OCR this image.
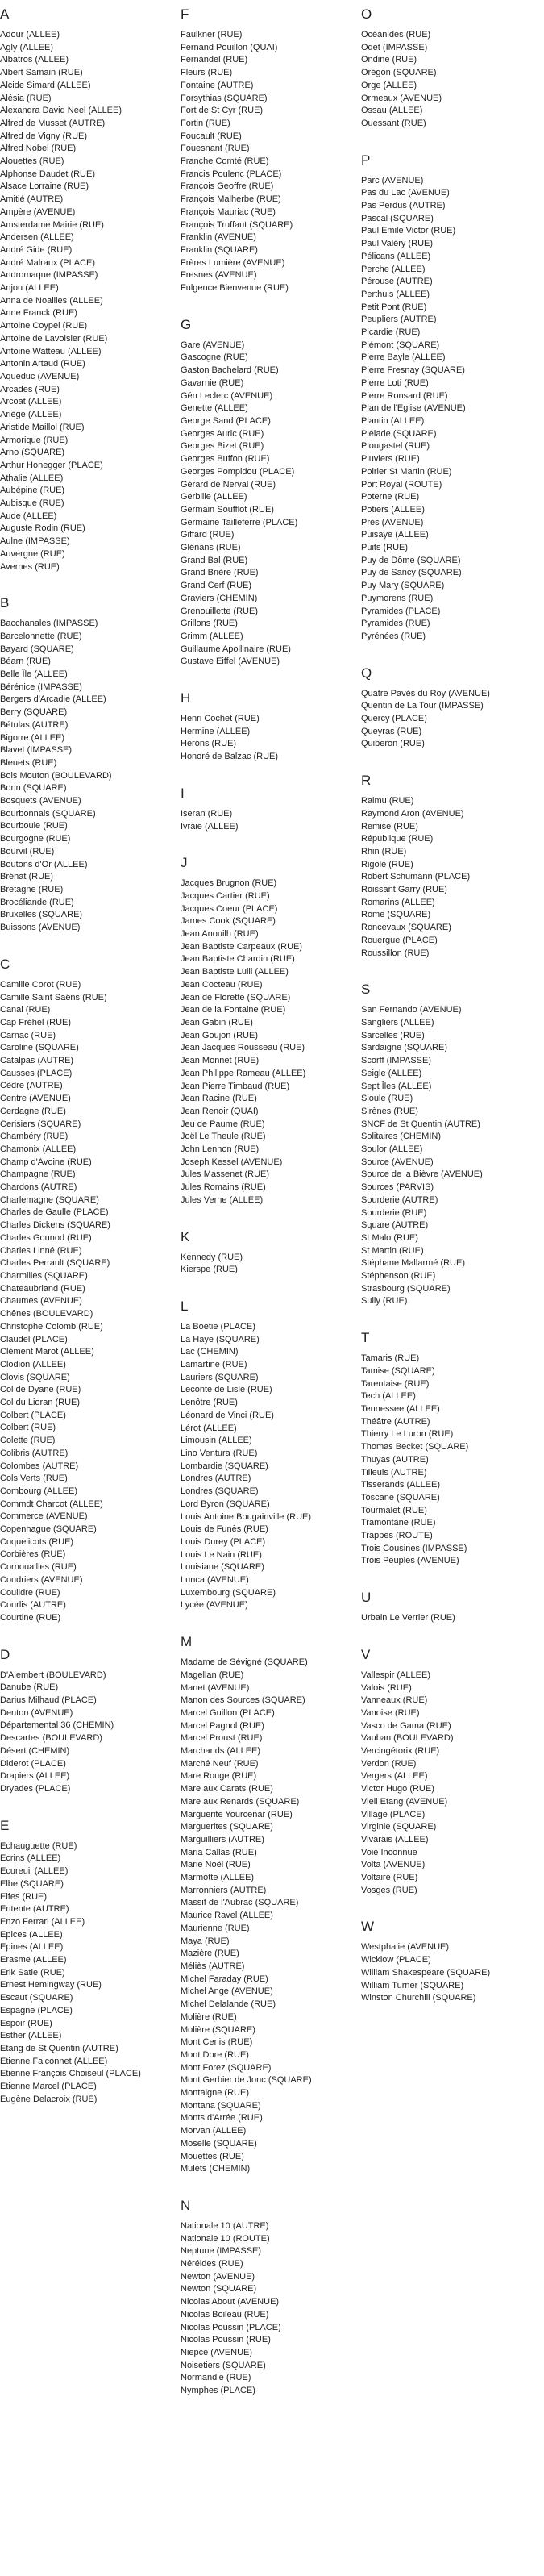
A
Adour (ALLEE)
Agly (ALLEE)
Albatros (ALLEE)
Albert Samain (RUE)
Alcide Simard (ALLEE)
Alésia (RUE)
Alexandra David Neel (ALLEE)
Alfred de Musset (AUTRE)
Alfred de Vigny (RUE)
Alfred Nobel (RUE)
Alouettes (RUE)
Alphonse Daudet (RUE)
Alsace Lorraine (RUE)
Amitié (AUTRE)
Ampère (AVENUE)
Amsterdame Mairie (RUE)
Andersen (ALLEE)
André Gide (RUE)
André Malraux (PLACE)
Andromaque (IMPASSE)
Anjou (ALLEE)
Anna de Noailles (ALLEE)
Anne Franck (RUE)
Antoine Coypel (RUE)
Antoine de Lavoisier (RUE)
Antoine Watteau (ALLEE)
Antonin Artaud (RUE)
Aqueduc (AVENUE)
Arcades (RUE)
Arcoat (ALLEE)
Ariège (ALLEE)
Aristide Maillol (RUE)
Armorique (RUE)
Arno (SQUARE)
Arthur Honegger (PLACE)
Athalie (ALLEE)
Aubépine (RUE)
Aubisque (RUE)
Aude (ALLEE)
Auguste Rodin (RUE)
Aulne (IMPASSE)
Auvergne (RUE)
Avernes (RUE)
B
Bacchanales (IMPASSE)
Barcelonnette (RUE)
Bayard (SQUARE)
Béarn (RUE)
Belle Île (ALLEE)
Bérénice (IMPASSE)
Bergers d'Arcadie (ALLEE)
Berry (SQUARE)
Bétulas (AUTRE)
Bigorre (ALLEE)
Blavet (IMPASSE)
Bleuets (RUE)
Bois Mouton (BOULEVARD)
Bonn (SQUARE)
Bosquets (AVENUE)
Bourbonnais (SQUARE)
Bourboule (RUE)
Bourgogne (RUE)
Bourvil (RUE)
Boutons d'Or (ALLEE)
Bréhat (RUE)
Bretagne (RUE)
Brocéliande (RUE)
Bruxelles (SQUARE)
Buissons (AVENUE)
C
Camille Corot (RUE)
Camille Saint Saëns (RUE)
Canal (RUE)
Cap Fréhel (RUE)
Carnac (RUE)
Caroline (SQUARE)
Catalpas (AUTRE)
Causses (PLACE)
Cèdre (AUTRE)
Centre (AVENUE)
Cerdagne (RUE)
Cerisiers (SQUARE)
Chambéry (RUE)
Chamonix (ALLEE)
Champ d'Avoine (RUE)
Champagne (RUE)
Chardons (AUTRE)
Charlemagne (SQUARE)
Charles de Gaulle (PLACE)
Charles Dickens (SQUARE)
Charles Gounod (RUE)
Charles Linné (RUE)
Charles Perrault (SQUARE)
Charmilles (SQUARE)
Chateaubriand (RUE)
Chaumes (AVENUE)
Chênes (BOULEVARD)
Christophe Colomb (RUE)
Claudel (PLACE)
Clément Marot (ALLEE)
Clodion (ALLEE)
Clovis (SQUARE)
Col de Dyane (RUE)
Col du Lioran (RUE)
Colbert (PLACE)
Colbert (RUE)
Colette (RUE)
Colibris (AUTRE)
Colombes (AUTRE)
Cols Verts (RUE)
Combourg (ALLEE)
Commdt Charcot (ALLEE)
Commerce (AVENUE)
Copenhague (SQUARE)
Coquelicots (RUE)
Corbières (RUE)
Cornouailles (RUE)
Coudriers (AVENUE)
Coulidre (RUE)
Courlis (AUTRE)
Courtine (RUE)
D
D'Alembert (BOULEVARD)
Danube (RUE)
Darius Milhaud (PLACE)
Denton (AVENUE)
Départemental 36 (CHEMIN)
Descartes (BOULEVARD)
Désert (CHEMIN)
Diderot (PLACE)
Drapiers (ALLEE)
Dryades (PLACE)
E
Echauguette (RUE)
Ecrins (ALLEE)
Ecureuil (ALLEE)
Elbe (SQUARE)
Elfes (RUE)
Entente (AUTRE)
Enzo Ferrari (ALLEE)
Epices (ALLEE)
Epines (ALLEE)
Erasme (ALLEE)
Erik Satie (RUE)
Ernest Hemingway (RUE)
Escaut (SQUARE)
Espagne (PLACE)
Espoir (RUE)
Esther (ALLEE)
Etang de St Quentin (AUTRE)
Etienne Falconnet (ALLEE)
Etienne François Choiseul (PLACE)
Etienne Marcel (PLACE)
Eugène Delacroix (RUE)
F
Faulkner (RUE)
Fernand Pouillon (QUAI)
Fernandel (RUE)
Fleurs (RUE)
Fontaine (AUTRE)
Forsythias (SQUARE)
Fort de St Cyr (RUE)
Fortin (RUE)
Foucault (RUE)
Fouesnant (RUE)
Franche Comté (RUE)
Francis Poulenc (PLACE)
François Geoffre (RUE)
François Malherbe (RUE)
François Mauriac (RUE)
François Truffaut (SQUARE)
Franklin (AVENUE)
Franklin (SQUARE)
Frères Lumière (AVENUE)
Fresnes (AVENUE)
Fulgence Bienvenue (RUE)
G
Gare (AVENUE)
Gascogne (RUE)
Gaston Bachelard (RUE)
Gavarnie (RUE)
Gén Leclerc (AVENUE)
Genette (ALLEE)
George Sand (PLACE)
Georges Auric (RUE)
Georges Bizet (RUE)
Georges Buffon (RUE)
Georges Pompidou (PLACE)
Gérard de Nerval (RUE)
Gerbille (ALLEE)
Germain Soufflot (RUE)
Germaine Tailleferre (PLACE)
Giffard (RUE)
Glénans (RUE)
Grand Bal (RUE)
Grand Brière (RUE)
Grand Cerf (RUE)
Graviers (CHEMIN)
Grenouillette (RUE)
Grillons (RUE)
Grimm (ALLEE)
Guillaume Apollinaire (RUE)
Gustave Eiffel (AVENUE)
H
Henri Cochet (RUE)
Hermine (ALLEE)
Hérons (RUE)
Honoré de Balzac (RUE)
I
Iseran (RUE)
Ivraie (ALLEE)
J
Jacques Brugnon (RUE)
Jacques Cartier (RUE)
Jacques Coeur (PLACE)
James Cook (SQUARE)
Jean Anouilh (RUE)
Jean Baptiste Carpeaux (RUE)
Jean Baptiste Chardin (RUE)
Jean Baptiste Lulli (ALLEE)
Jean Cocteau (RUE)
Jean de Florette (SQUARE)
Jean de la Fontaine (RUE)
Jean Gabin (RUE)
Jean Goujon (RUE)
Jean Jacques Rousseau (RUE)
Jean Monnet (RUE)
Jean Philippe Rameau (ALLEE)
Jean Pierre Timbaud (RUE)
Jean Racine (RUE)
Jean Renoir (QUAI)
Jeu de Paume (RUE)
Joël Le Theule (RUE)
John Lennon (RUE)
Joseph Kessel (AVENUE)
Jules Massenet (RUE)
Jules Romains (RUE)
Jules Verne (ALLEE)
K
Kennedy (RUE)
Kierspe (RUE)
L
La Boétie (PLACE)
La Haye (SQUARE)
Lac (CHEMIN)
Lamartine (RUE)
Lauriers (SQUARE)
Leconte de Lisle (RUE)
Lenôtre (RUE)
Léonard de Vinci (RUE)
Lérot (ALLEE)
Limousin (ALLEE)
Lino Ventura (RUE)
Lombardie (SQUARE)
Londres (AUTRE)
Londres (SQUARE)
Lord Byron (SQUARE)
Louis Antoine Bougainville (RUE)
Louis de Funès (RUE)
Louis Durey (PLACE)
Louis Le Nain (RUE)
Louisiane (SQUARE)
Lunca (AVENUE)
Luxembourg (SQUARE)
Lycée (AVENUE)
M
Madame de Sévigné (SQUARE)
Magellan (RUE)
Manet (AVENUE)
Manon des Sources (SQUARE)
Marcel Guillon (PLACE)
Marcel Pagnol (RUE)
Marcel Proust (RUE)
Marchands (ALLEE)
Marché Neuf (RUE)
Mare Rouge (RUE)
Mare aux Carats (RUE)
Mare aux Renards (SQUARE)
Marguerite Yourcenar (RUE)
Marguerites (SQUARE)
Marguilliers (AUTRE)
Maria Callas (RUE)
Marie Noël (RUE)
Marmotte (ALLEE)
Marronniers (AUTRE)
Massif de l'Aubrac (SQUARE)
Maurice Ravel (ALLEE)
Maurienne (RUE)
Maya (RUE)
Mazière (RUE)
Méliès (AUTRE)
Michel Faraday (RUE)
Michel Ange (AVENUE)
Michel Delalande (RUE)
Molière (RUE)
Molière (SQUARE)
Mont Cenis (RUE)
Mont Dore (RUE)
Mont Forez (SQUARE)
Mont Gerbier de Jonc (SQUARE)
Montaigne (RUE)
Montana (SQUARE)
Monts d'Arrée (RUE)
Morvan (ALLEE)
Moselle (SQUARE)
Mouettes (RUE)
Mulets (CHEMIN)
N
Nationale 10 (AUTRE)
Nationale 10 (ROUTE)
Neptune (IMPASSE)
Néréides (RUE)
Newton (AVENUE)
Newton (SQUARE)
Nicolas About (AVENUE)
Nicolas Boileau (RUE)
Nicolas Poussin (PLACE)
Nicolas Poussin (RUE)
Niepce (AVENUE)
Noisetiers (SQUARE)
Normandie (RUE)
Nymphes (PLACE)
O
Océanides (RUE)
Odet (IMPASSE)
Ondine (RUE)
Orégon (SQUARE)
Orge (ALLEE)
Ormeaux (AVENUE)
Ossau (ALLEE)
Ouessant (RUE)
P
Parc (AVENUE)
Pas du Lac (AVENUE)
Pas Perdus (AUTRE)
Pascal (SQUARE)
Paul Emile Victor (RUE)
Paul Valéry (RUE)
Pélicans (ALLEE)
Perche (ALLEE)
Pérouse (AUTRE)
Perthuis (ALLEE)
Petit Pont (RUE)
Peupliers (AUTRE)
Picardie (RUE)
Piémont (SQUARE)
Pierre Bayle (ALLEE)
Pierre Fresnay (SQUARE)
Pierre Loti (RUE)
Pierre Ronsard (RUE)
Plan de l'Eglise (AVENUE)
Plantin (ALLEE)
Pléiade (SQUARE)
Plougastel (RUE)
Pluviers (RUE)
Poirier St Martin (RUE)
Port Royal (ROUTE)
Poterne (RUE)
Potiers (ALLEE)
Prés (AVENUE)
Puisaye (ALLEE)
Puits (RUE)
Puy de Dôme (SQUARE)
Puy de Sancy (SQUARE)
Puy Mary (SQUARE)
Puymorens (RUE)
Pyramides (PLACE)
Pyramides (RUE)
Pyrénées (RUE)
Q
Quatre Pavés du Roy (AVENUE)
Quentin de La Tour (IMPASSE)
Quercy (PLACE)
Queyras (RUE)
Quiberon (RUE)
R
Raimu (RUE)
Raymond Aron (AVENUE)
Remise (RUE)
République (RUE)
Rhin (RUE)
Rigole (RUE)
Robert Schumann (PLACE)
Roissant Garry (RUE)
Romarins (ALLEE)
Rome (SQUARE)
Roncevaux (SQUARE)
Rouergue (PLACE)
Roussillon (RUE)
S
San Fernando (AVENUE)
Sangliers (ALLEE)
Sarcelles (RUE)
Sardaigne (SQUARE)
Scorff (IMPASSE)
Seigle (ALLEE)
Sept Îles (ALLEE)
Sioule (RUE)
Sirènes (RUE)
SNCF de St Quentin (AUTRE)
Solitaires (CHEMIN)
Soulor (ALLEE)
Source (AVENUE)
Source de la Bièvre (AVENUE)
Sources (PARVIS)
Sourderie (AUTRE)
Sourderie (RUE)
Square (AUTRE)
St Malo (RUE)
St Martin (RUE)
Stéphane Mallarmé (RUE)
Stéphenson (RUE)
Strasbourg (SQUARE)
Sully (RUE)
T
Tamaris (RUE)
Tamise (SQUARE)
Tarentaise (RUE)
Tech (ALLEE)
Tennessee (ALLEE)
Théâtre (AUTRE)
Thierry Le Luron (RUE)
Thomas Becket (SQUARE)
Thuyas (AUTRE)
Tilleuls (AUTRE)
Tisserands (ALLEE)
Toscane (SQUARE)
Tourmalet (RUE)
Tramontane (RUE)
Trappes (ROUTE)
Trois Cousines (IMPASSE)
Trois Peuples (AVENUE)
U
Urbain Le Verrier (RUE)
V
Vallespir (ALLEE)
Valois (RUE)
Vanneaux (RUE)
Vanoise (RUE)
Vasco de Gama (RUE)
Vauban (BOULEVARD)
Vercingétorix (RUE)
Verdon (RUE)
Vergers (ALLEE)
Victor Hugo (RUE)
Vieil Etang (AVENUE)
Village (PLACE)
Virginie (SQUARE)
Vivarais (ALLEE)
Voie Inconnue
Volta (AVENUE)
Voltaire (RUE)
Vosges (RUE)
W
Westphalie (AVENUE)
Wicklow (PLACE)
William Shakespeare (SQUARE)
William Turner (SQUARE)
Winston Churchill (SQUARE)
